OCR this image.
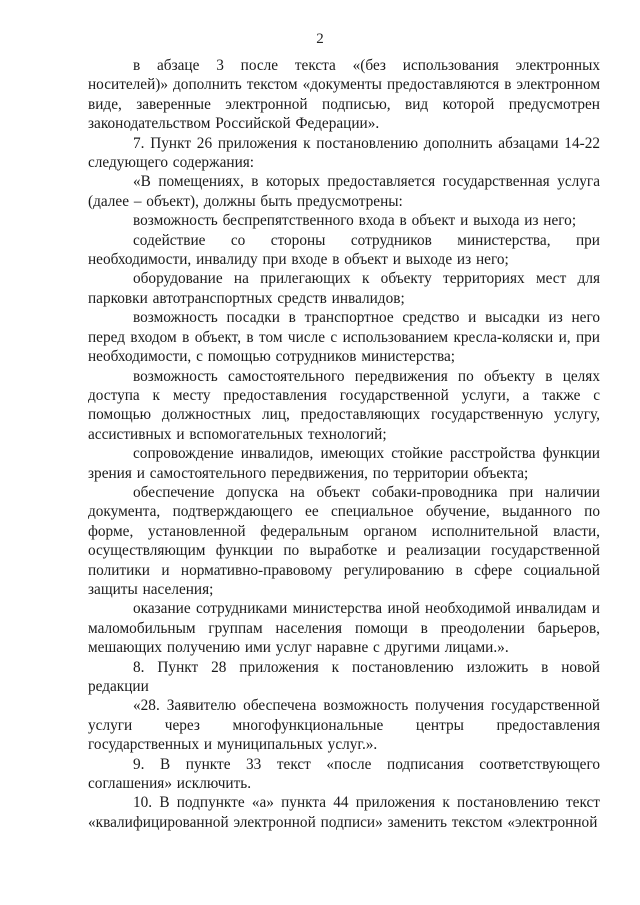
2

в абзаце 3 после текста «(без использования электронных носителей)» дополнить текстом «документы предоставляются в электронном виде, заверенные электронной подписью, вид которой предусмотрен законодательством Российской Федерации».

7. Пункт 26 приложения к постановлению дополнить абзацами 14-22 следующего содержания:

«В помещениях, в которых предоставляется государственная услуга (далее – объект), должны быть предусмотрены:

возможность беспрепятственного входа в объект и выхода из него;

содействие со стороны сотрудников министерства, при необходимости, инвалиду при входе в объект и выходе из него;

оборудование на прилегающих к объекту территориях мест для парковки автотранспортных средств инвалидов;

возможность посадки в транспортное средство и высадки из него перед входом в объект, в том числе с использованием кресла-коляски и, при необходимости, с помощью сотрудников министерства;

возможность самостоятельного передвижения по объекту в целях доступа к месту предоставления государственной услуги, а также с помощью должностных лиц, предоставляющих государственную услугу, ассистивных и вспомогательных технологий;

сопровождение инвалидов, имеющих стойкие расстройства функции зрения и самостоятельного передвижения, по территории объекта;

обеспечение допуска на объект собаки-проводника при наличии документа, подтверждающего ее специальное обучение, выданного по форме, установленной федеральным органом исполнительной власти, осуществляющим функции по выработке и реализации государственной политики и нормативно-правовому регулированию в сфере социальной защиты населения;

оказание сотрудниками министерства иной необходимой инвалидам и маломобильным группам населения помощи в преодолении барьеров, мешающих получению ими услуг наравне с другими лицами.».

8. Пункт 28 приложения к постановлению изложить в новой редакции

«28. Заявителю обеспечена возможность получения государственной услуги через многофункциональные центры предоставления государственных и муниципальных услуг.».

9. В пункте 33 текст «после подписания соответствующего соглашения» исключить.

10. В подпункте «а» пункта 44 приложения к постановлению текст «квалифицированной электронной подписи» заменить текстом «электронной
